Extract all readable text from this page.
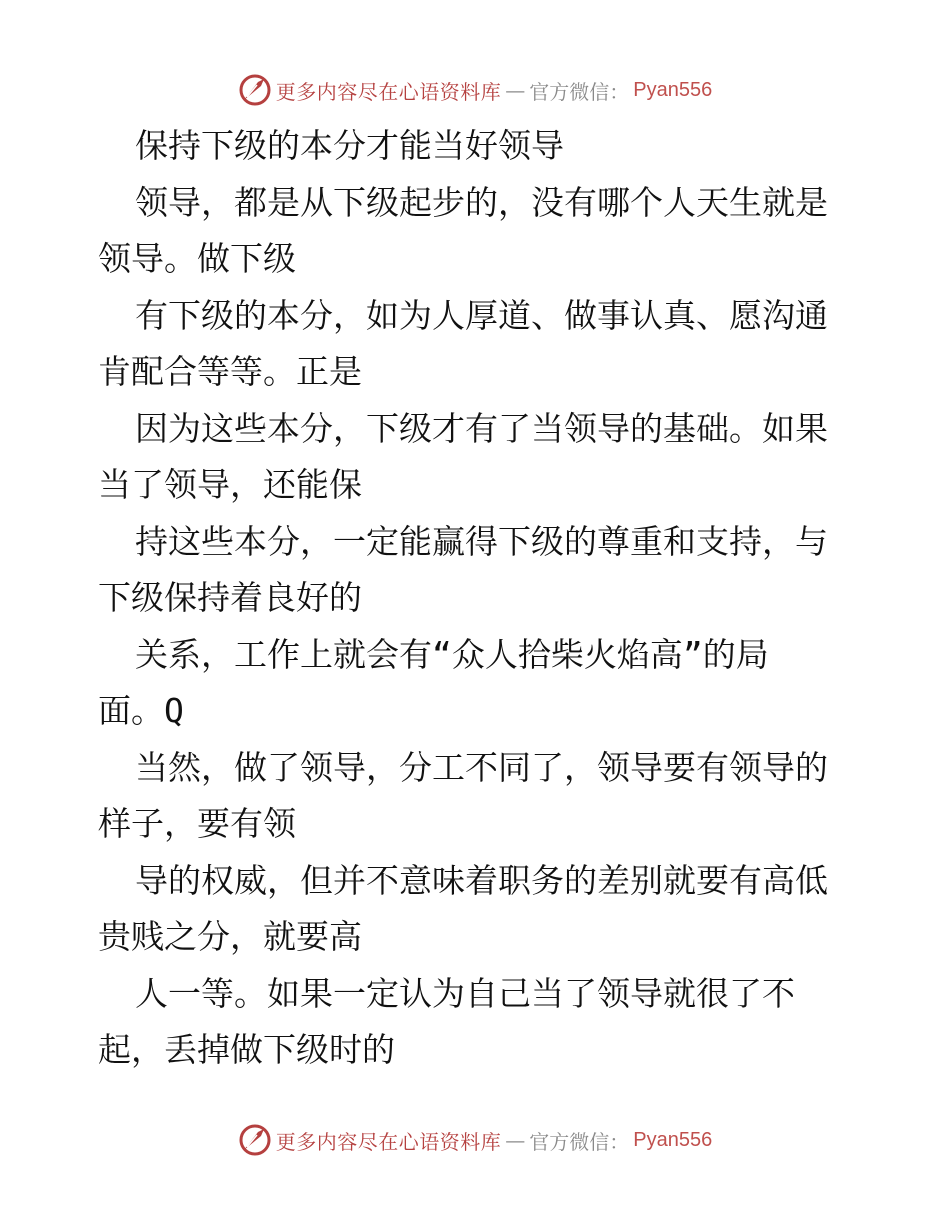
更多内容尽在心语资料库 — 官方微信： Pyan556
保持下级的本分才能当好领导
领导，都是从下级起步的，没有哪个人天生就是
领导。做下级
有下级的本分，如为人厚道、做事认真、愿沟通
肯配合等等。正是
因为这些本分，下级才有了当领导的基础。如果
当了领导，还能保
持这些本分，一定能赢得下级的尊重和支持，与
下级保持着良好的
关系，工作上就会有“众人拾柴火焰高”的局
面。Q
当然，做了领导，分工不同了，领导要有领导的
样子，要有领
导的权威，但并不意味着职务的差别就要有高低
贵贱之分，就要高
人一等。如果一定认为自己当了领导就很了不
起，丢掉做下级时的
更多内容尽在心语资料库 — 官方微信： Pyan556
